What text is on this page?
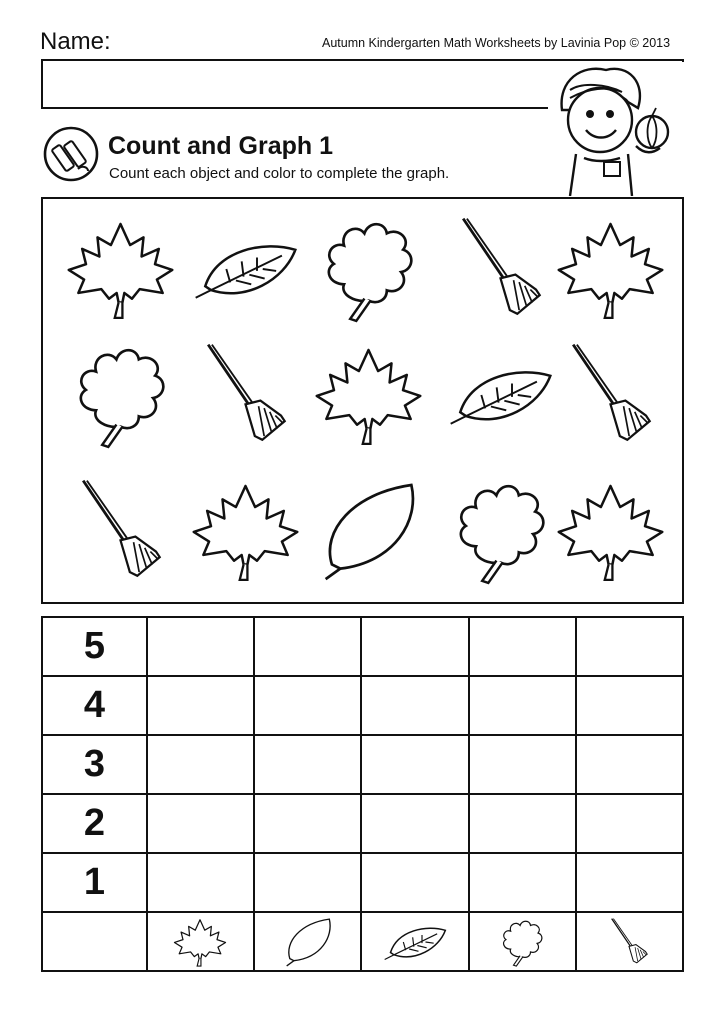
Name:	Autumn Kindergarten Math Worksheets by Lavinia Pop © 2013
Count and Graph 1
Count each object and color to complete the graph.
5					
4					
3					
2					
1					
